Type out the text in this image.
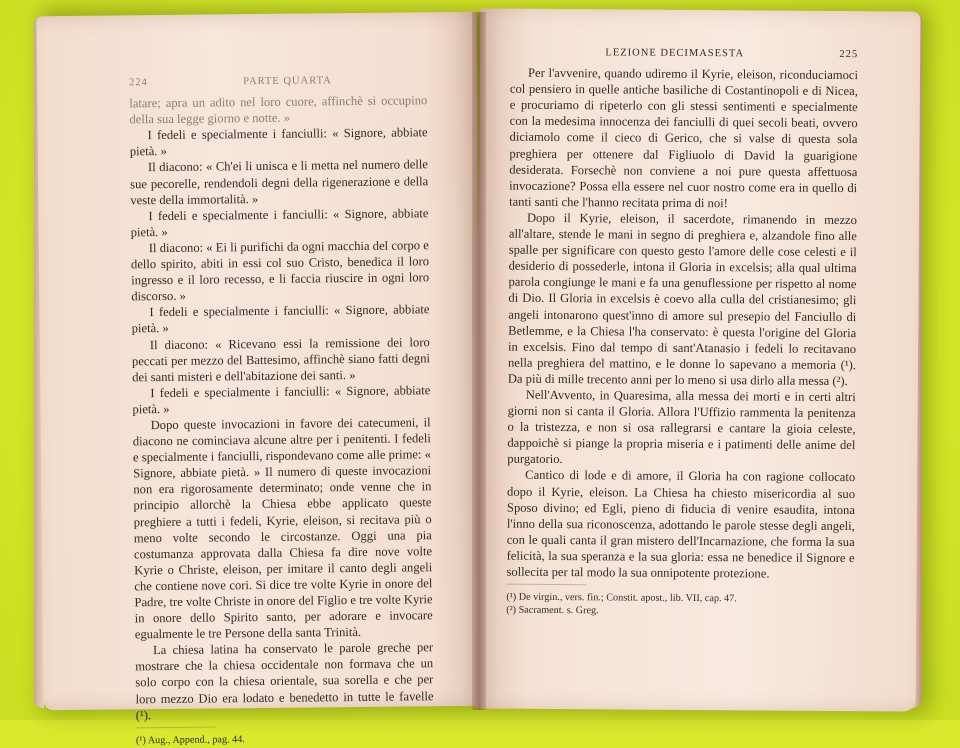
224	PARTE QUARTA

latare; apra un adito nel loro cuore, affinchè si occupino della sua legge giorno e notte. »

I fedeli e specialmente i fanciulli: « Signore, abbiate pietà. »

Il diacono: « Ch'ei li unisca e li metta nel numero delle sue pecorelle, rendendoli degni della rigenerazione e della veste della immortalità. »

I fedeli e specialmente i fanciulli: « Signore, abbiate pietà. »

Il diacono: « Ei li purifichi da ogni macchia del corpo e dello spirito, abiti in essi col suo Cristo, benedica il loro ingresso e il loro recesso, e li faccia riuscire in ogni loro discorso. »

I fedeli e specialmente i fanciulli: « Signore, abbiate pietà. »

Il diacono: « Ricevano essi la remissione dei loro peccati per mezzo del Battesimo, affinchè siano fatti degni dei santi misteri e dell'abitazione dei santi. »

I fedeli e specialmente i fanciulli: « Signore, abbiate pietà. »

Dopo queste invocazioni in favore dei catecumeni, il diacono ne cominciava alcune altre per i penitenti. I fedeli e specialmente i fanciulli, rispondevano come alle prime: « Signore, abbiate pietà. » Il numero di queste invocazioni non era rigorosamente determinato; onde venne che in principio allorchè la Chiesa ebbe applicato queste preghiere a tutti i fedeli, Kyrie, eleison, si recitava più o meno volte secondo le circostanze. Oggi una pia costumanza approvata dalla Chiesa fa dire nove volte Kyrie o Christe, eleison, per imitare il canto degli angeli che contiene nove cori. Si dice tre volte Kyrie in onore del Padre, tre volte Christe in onore del Figlio e tre volte Kyrie in onore dello Spirito santo, per adorare e invocare egualmente le tre Persone della santa Trinità.

La chiesa latina ha conservato le parole greche per mostrare che la chiesa occidentale non formava che un solo corpo con la chiesa orientale, sua sorella e che per loro mezzo Dio era lodato e benedetto in tutte le favelle (¹).

(¹) Aug., Append., pag. 44.
LEZIONE DECIMASESTA	225

Per l'avvenire, quando udiremo il Kyrie, eleison, riconduciamoci col pensiero in quelle antiche basiliche di Costantinopoli e di Nicea, e procuriamo di ripeterlo con gli stessi sentimenti e specialmente con la medesima innocenza dei fanciulli di quei secoli beati, ovvero diciamolo come il cieco di Gerico, che si valse di questa sola preghiera per ottenere dal Figliuolo di David la guarigione desiderata. Forsechè non conviene a noi pure questa affettuosa invocazione? Possa ella essere nel cuor nostro come era in quello di tanti santi che l'hanno recitata prima di noi!

Dopo il Kyrie, eleison, il sacerdote, rimanendo in mezzo all'altare, stende le mani in segno di preghiera e, alzandole fino alle spalle per significare con questo gesto l'amore delle cose celesti e il desiderio di possederle, intona il Gloria in excelsis; alla qual ultima parola congiunge le mani e fa una genuflessione per rispetto al nome di Dio. Il Gloria in excelsis è coevo alla culla del cristianesimo; gli angeli intonarono quest'inno di amore sul presepio del Fanciullo di Betlemme, e la Chiesa l'ha conservato: è questa l'origine del Gloria in excelsis. Fino dal tempo di sant'Atanasio i fedeli lo recitavano nella preghiera del mattino, e le donne lo sapevano a memoria (¹). Da più di mille trecento anni per lo meno si usa dirlo alla messa (²).

Nell'Avvento, in Quaresima, alla messa dei morti e in certi altri giorni non si canta il Gloria. Allora l'Uffizio rammenta la penitenza o la tristezza, e non si osa rallegrarsi e cantare la gioia celeste, dappoichè si piange la propria miseria e i patimenti delle anime del purgatorio.

Cantico di lode e di amore, il Gloria ha con ragione collocato dopo il Kyrie, eleison. La Chiesa ha chiesto misericordia al suo Sposo divino; ed Egli, pieno di fiducia di venire esaudita, intona l'inno della sua riconoscenza, adottando le parole stesse degli angeli, con le quali canta il gran mistero dell'Incarnazione, che forma la sua felicità, la sua speranza e la sua gloria: essa ne benedice il Signore e sollecita per tal modo la sua onnipotente protezione.

(¹) De virgin., vers. fin.; Constit. apost., lib. VII, cap. 47.
(²) Sacrament. s. Greg.
